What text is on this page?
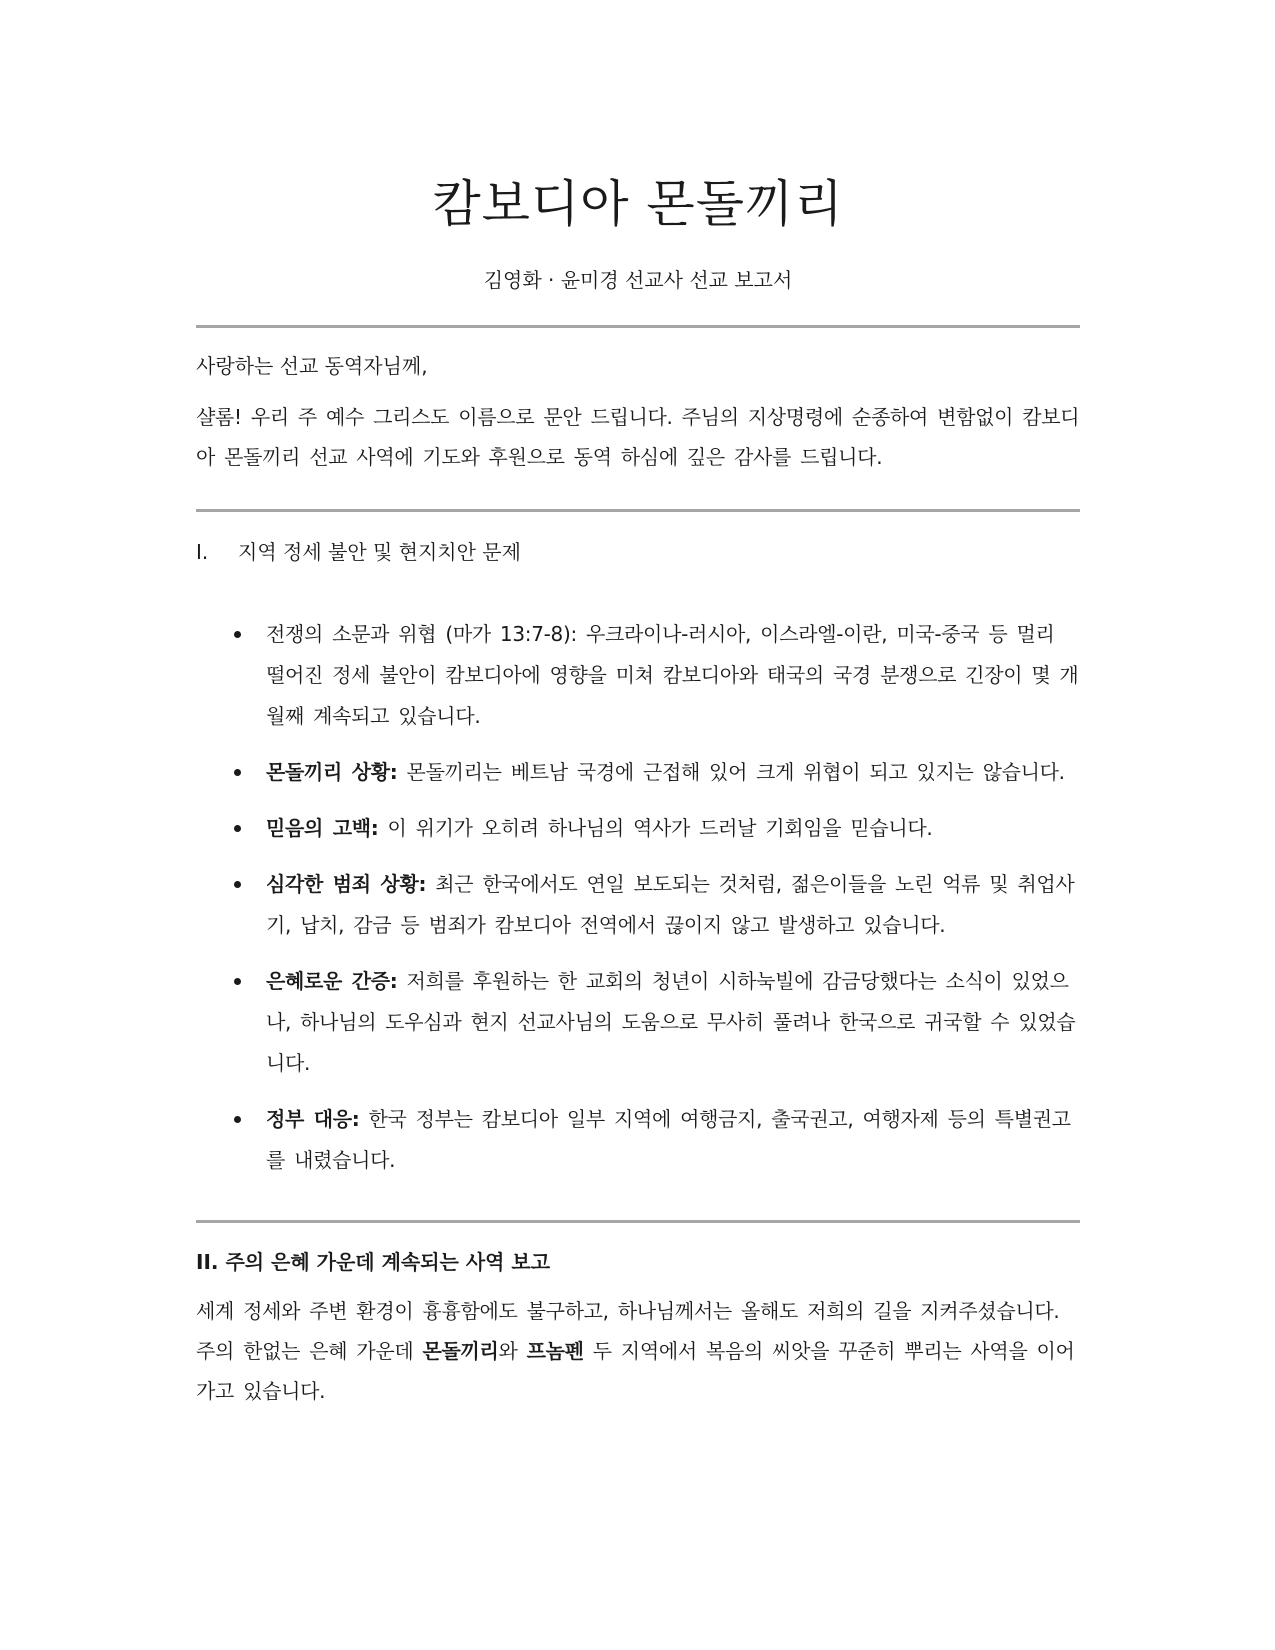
캄보디아 몬돌끼리

김영화 · 윤미경 선교사 선교 보고서

사랑하는 선교 동역자님께,

샬롬! 우리 주 예수 그리스도 이름으로 문안 드립니다. 주님의 지상명령에 순종하여 변함없이 캄보디아 몬돌끼리 선교 사역에 기도와 후원으로 동역 하심에 깊은 감사를 드립니다.

I. 지역 정세 불안 및 현지치안 문제

전쟁의 소문과 위협 (마가 13:7-8): 우크라이나-러시아, 이스라엘-이란, 미국-중국 등 멀리 떨어진 정세 불안이 캄보디아에 영향을 미쳐 캄보디아와 태국의 국경 분쟁으로 긴장이 몇 개월째 계속되고 있습니다.
몬돌끼리 상황: 몬돌끼리는 베트남 국경에 근접해 있어 크게 위협이 되고 있지는 않습니다.
믿음의 고백: 이 위기가 오히려 하나님의 역사가 드러날 기회임을 믿습니다.
심각한 범죄 상황: 최근 한국에서도 연일 보도되는 것처럼, 젊은이들을 노린 억류 및 취업사기, 납치, 감금 등 범죄가 캄보디아 전역에서 끊이지 않고 발생하고 있습니다.
은혜로운 간증: 저희를 후원하는 한 교회의 청년이 시하눅빌에 감금당했다는 소식이 있었으나, 하나님의 도우심과 현지 선교사님의 도움으로 무사히 풀려나 한국으로 귀국할 수 있었습니다.
정부 대응: 한국 정부는 캄보디아 일부 지역에 여행금지, 출국권고, 여행자제 등의 특별권고를 내렸습니다.

II. 주의 은혜 가운데 계속되는 사역 보고

세계 정세와 주변 환경이 흉흉함에도 불구하고, 하나님께서는 올해도 저희의 길을 지켜주셨습니다. 주의 한없는 은혜 가운데 몬돌끼리와 프놈펜 두 지역에서 복음의 씨앗을 꾸준히 뿌리는 사역을 이어가고 있습니다.
